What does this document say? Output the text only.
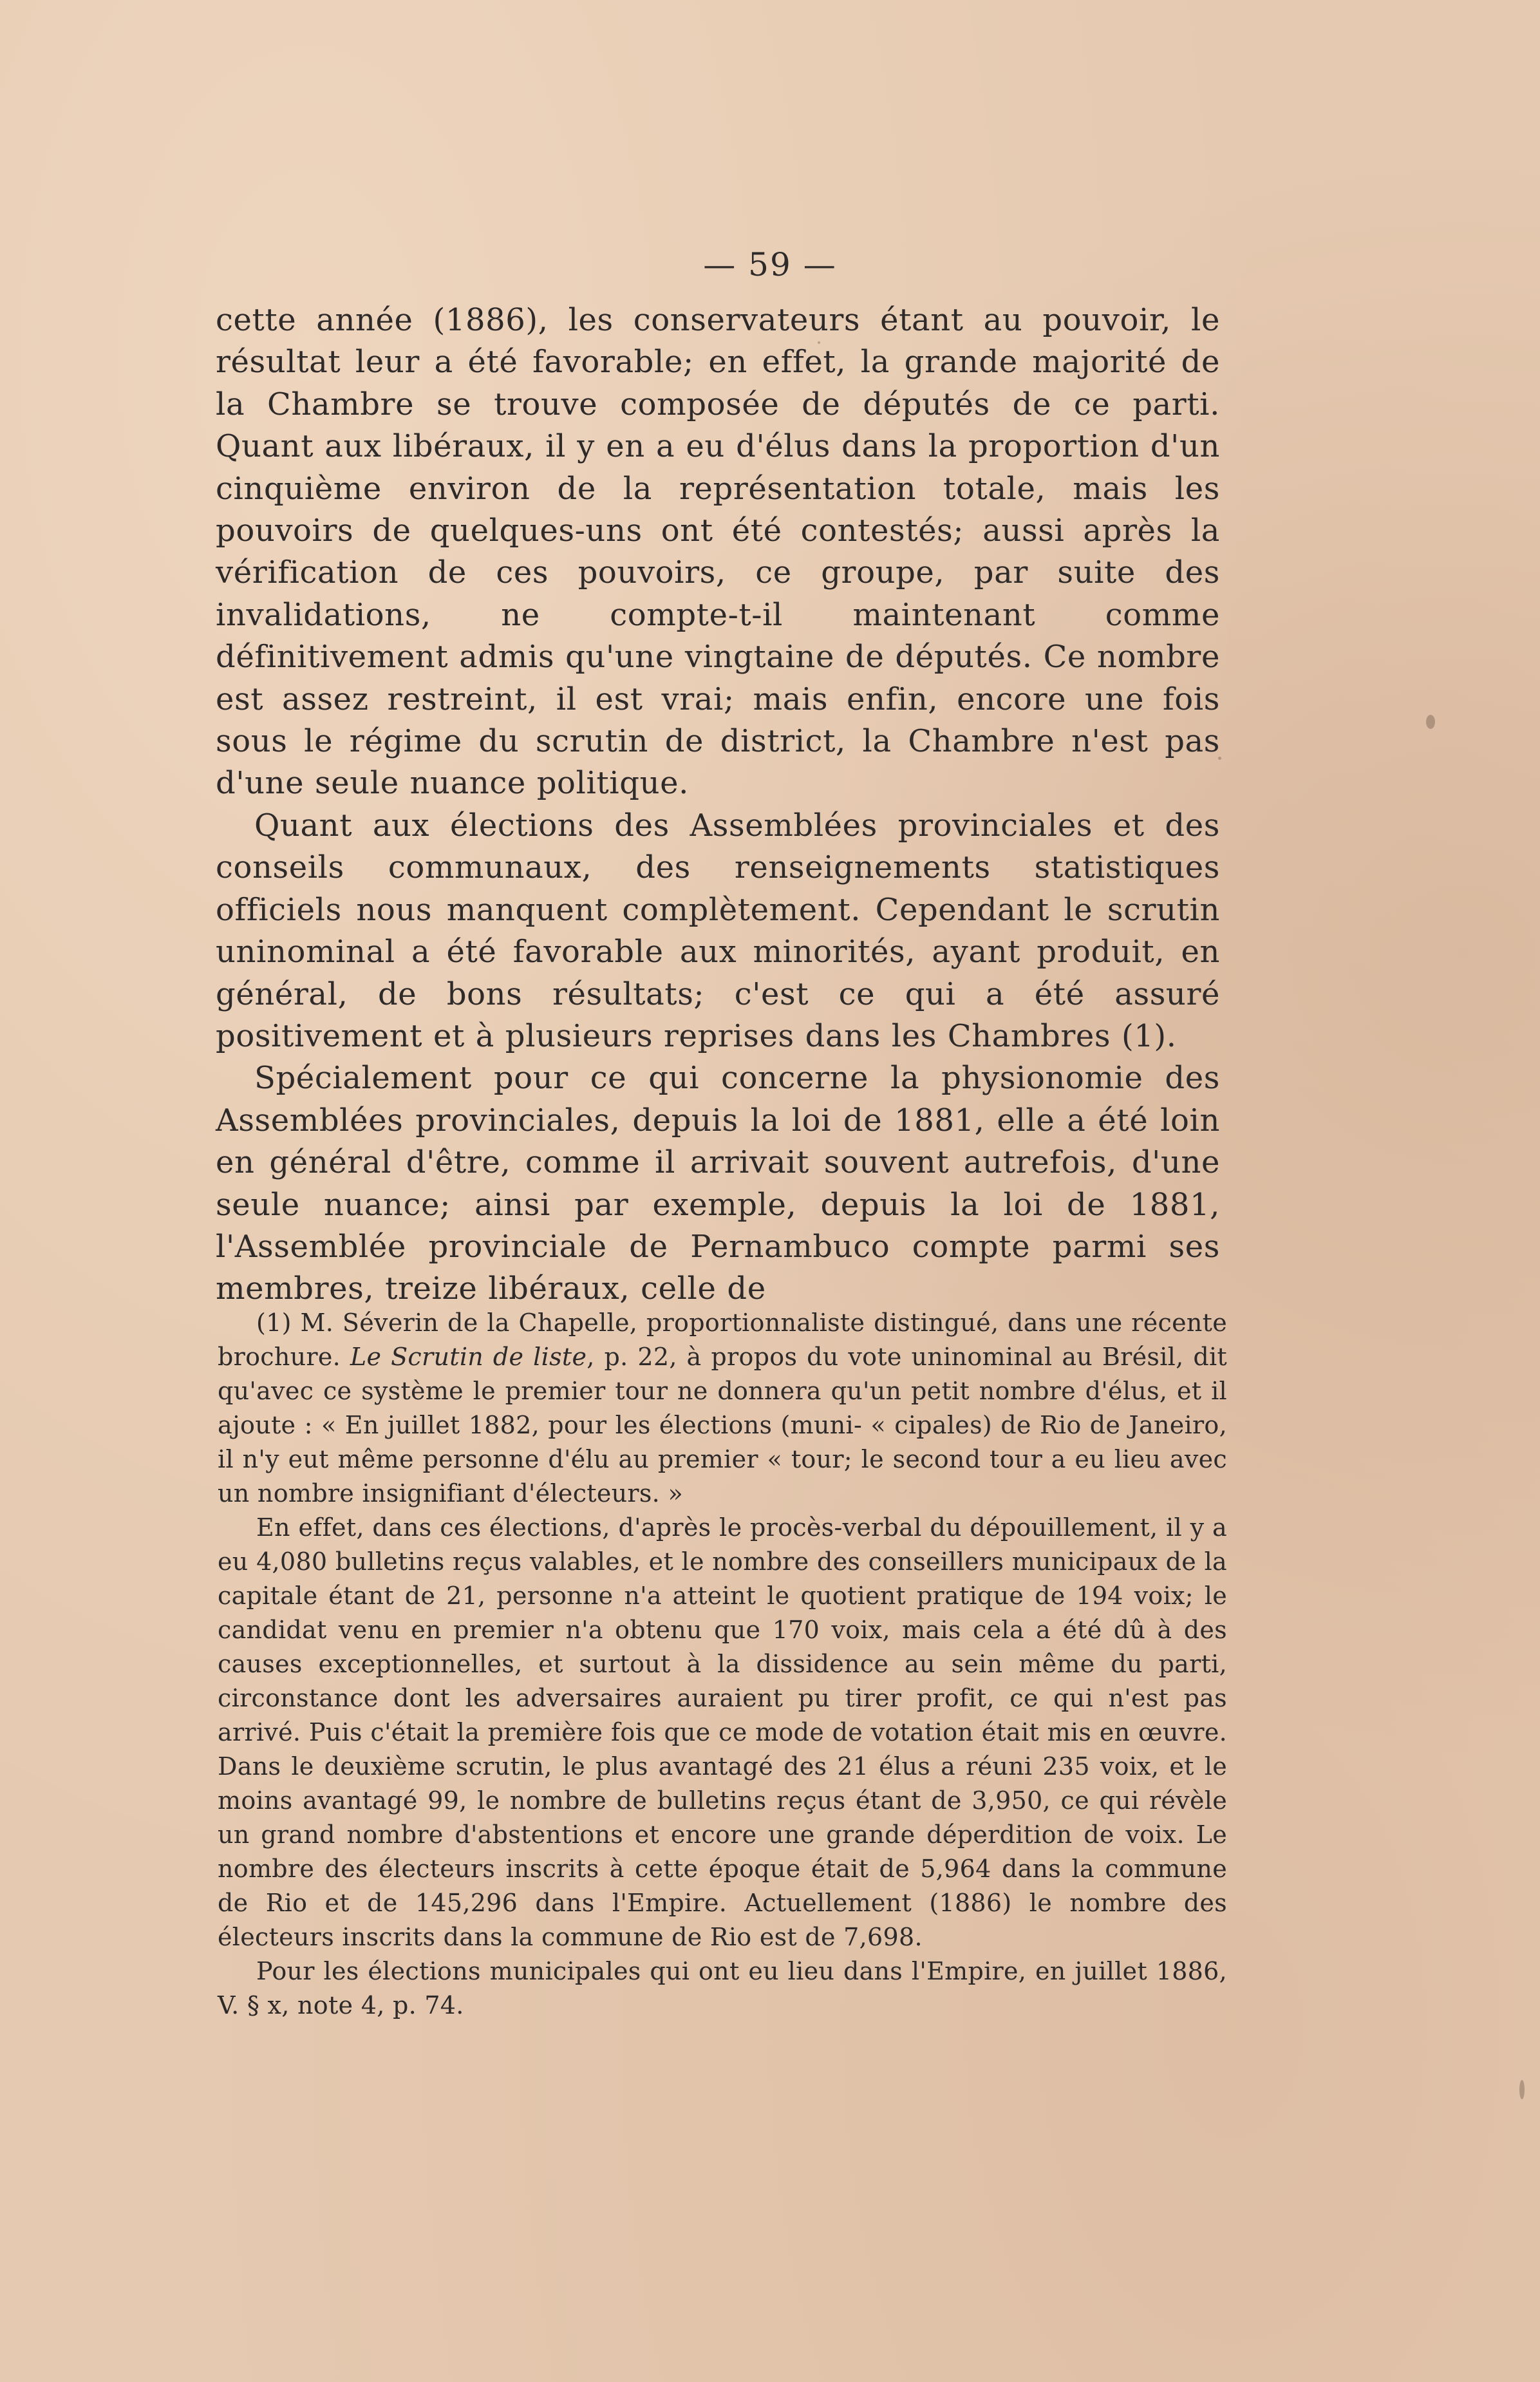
— 59 —

cette année (1886), les conservateurs étant au pouvoir, le résultat leur a été favorable; en effet, la grande majorité de la Chambre se trouve composée de députés de ce parti. Quant aux libéraux, il y en a eu d'élus dans la proportion d'un cinquième environ de la représentation totale, mais les pouvoirs de quelques-uns ont été contestés; aussi après la vérification de ces pouvoirs, ce groupe, par suite des invalidations, ne compte-t-il maintenant comme définitivement admis qu'une vingtaine de députés. Ce nombre est assez restreint, il est vrai; mais enfin, encore une fois sous le régime du scrutin de district, la Chambre n'est pas d'une seule nuance politique.

Quant aux élections des Assemblées provinciales et des conseils communaux, des renseignements statistiques officiels nous manquent complètement. Cependant le scrutin uninominal a été favorable aux minorités, ayant produit, en général, de bons résultats; c'est ce qui a été assuré positivement et à plusieurs reprises dans les Chambres (1).

Spécialement pour ce qui concerne la physionomie des Assemblées provinciales, depuis la loi de 1881, elle a été loin en général d'être, comme il arrivait souvent autrefois, d'une seule nuance; ainsi par exemple, depuis la loi de 1881, l'Assemblée provinciale de Pernambuco compte parmi ses membres, treize libéraux, celle de

(1) M. Séverin de la Chapelle, proportionnaliste distingué, dans une récente brochure. Le Scrutin de liste, p. 22, à propos du vote uninominal au Brésil, dit qu'avec ce système le premier tour ne donnera qu'un petit nombre d'élus, et il ajoute : « En juillet 1882, pour les élections (muni- « cipales) de Rio de Janeiro, il n'y eut même personne d'élu au premier « tour; le second tour a eu lieu avec un nombre insignifiant d'électeurs. »

En effet, dans ces élections, d'après le procès-verbal du dépouillement, il y a eu 4,080 bulletins reçus valables, et le nombre des conseillers municipaux de la capitale étant de 21, personne n'a atteint le quotient pratique de 194 voix; le candidat venu en premier n'a obtenu que 170 voix, mais cela a été dû à des causes exceptionnelles, et surtout à la dissidence au sein même du parti, circonstance dont les adversaires auraient pu tirer profit, ce qui n'est pas arrivé. Puis c'était la première fois que ce mode de votation était mis en œuvre. Dans le deuxième scrutin, le plus avantagé des 21 élus a réuni 235 voix, et le moins avantagé 99, le nombre de bulletins reçus étant de 3,950, ce qui révèle un grand nombre d'abstentions et encore une grande déperdition de voix. Le nombre des électeurs inscrits à cette époque était de 5,964 dans la commune de Rio et de 145,296 dans l'Empire. Actuellement (1886) le nombre des électeurs inscrits dans la commune de Rio est de 7,698.

Pour les élections municipales qui ont eu lieu dans l'Empire, en juillet 1886, V. § x, note 4, p. 74.
